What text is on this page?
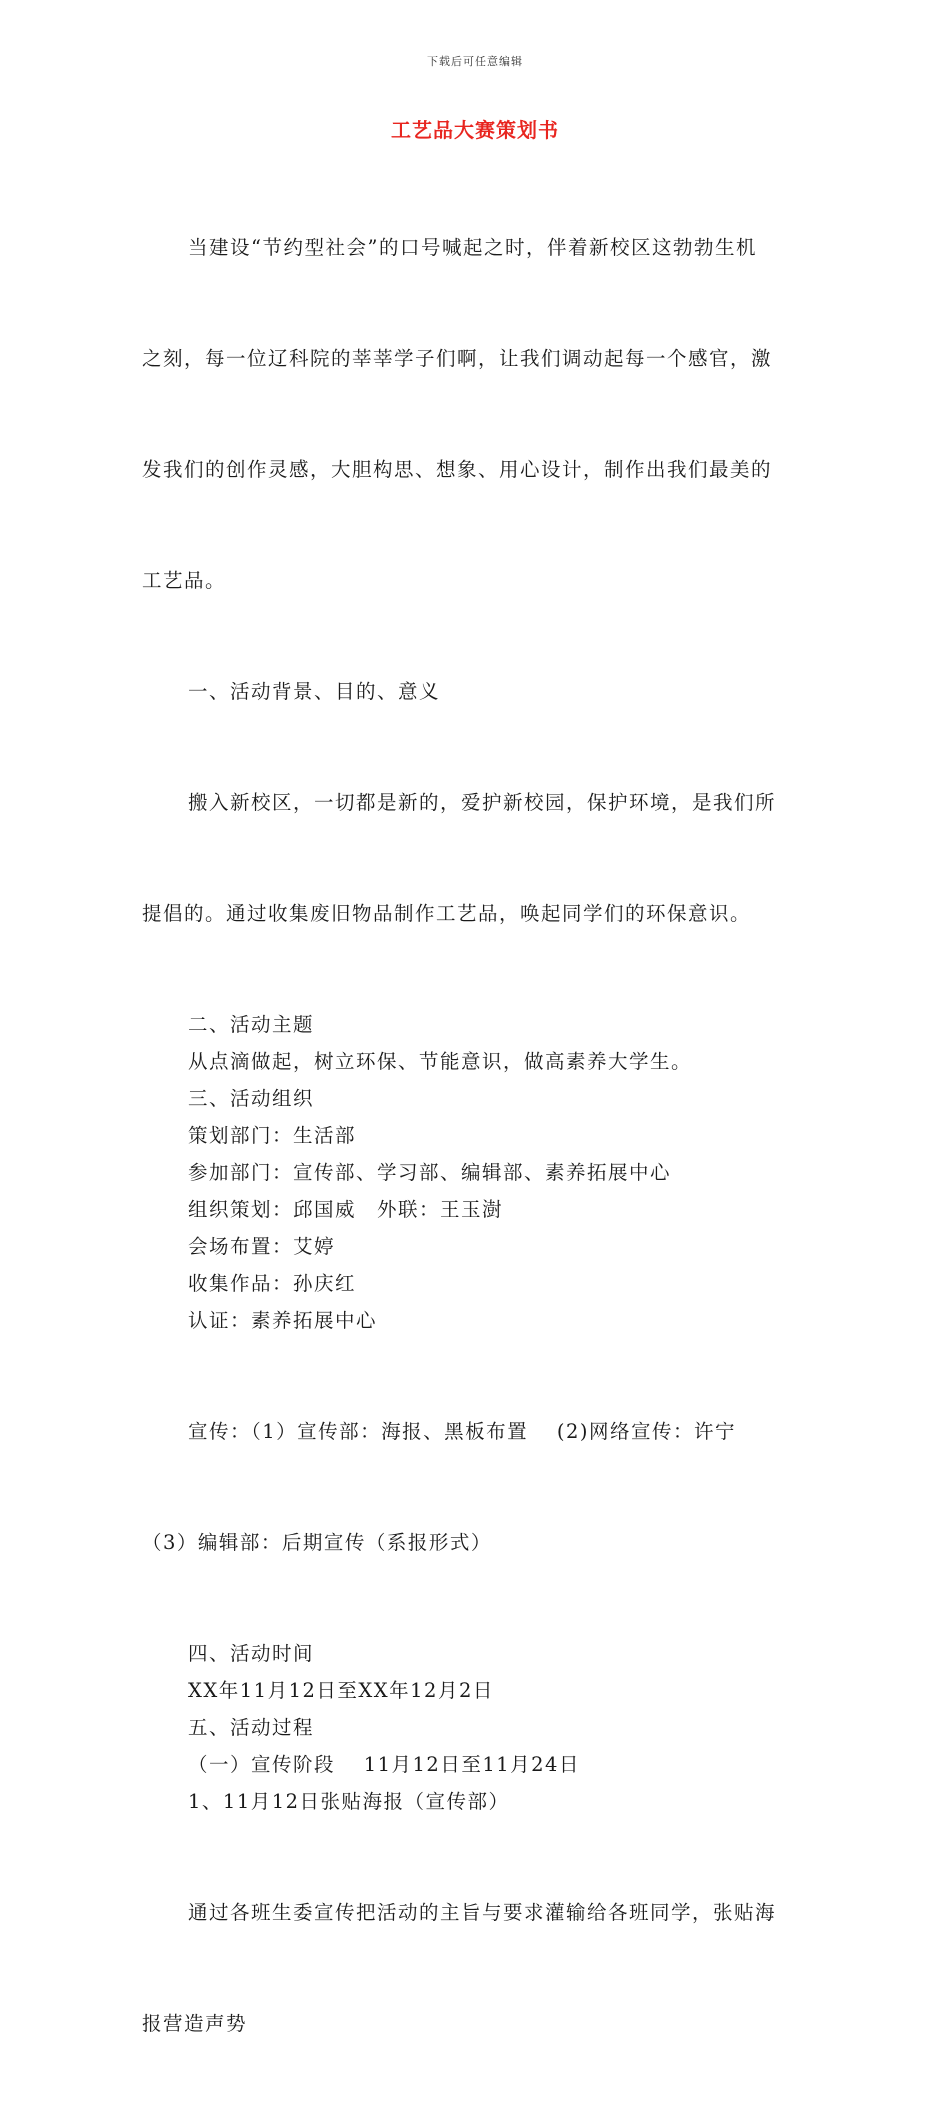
下载后可任意编辑
工艺品大赛策划书

当建设“节约型社会”的口号喊起之时，伴着新校区这勃勃生机

之刻，每一位辽科院的莘莘学子们啊，让我们调动起每一个感官，激

发我们的创作灵感，大胆构思、想象、用心设计，制作出我们最美的

工艺品。

一、活动背景、目的、意义

搬入新校区，一切都是新的，爱护新校园，保护环境，是我们所

提倡的。通过收集废旧物品制作工艺品，唤起同学们的环保意识。

二、活动主题

从点滴做起，树立环保、节能意识，做高素养大学生。

三、活动组织

策划部门：生活部

参加部门：宣传部、学习部、编辑部、素养拓展中心

组织策划：邱国威　外联：王玉澍

会场布置：艾婷

收集作品：孙庆红

认证：素养拓展中心

宣传：（1）宣传部：海报、黑板布置　 (2)网络宣传：许宁

（3）编辑部：后期宣传（系报形式）

四、活动时间

XX年11月12日至XX年12月2日

五、活动过程

（一）宣传阶段　 11月12日至11月24日

1、11月12日张贴海报（宣传部）

通过各班生委宣传把活动的主旨与要求灌输给各班同学，张贴海

报营造声势
